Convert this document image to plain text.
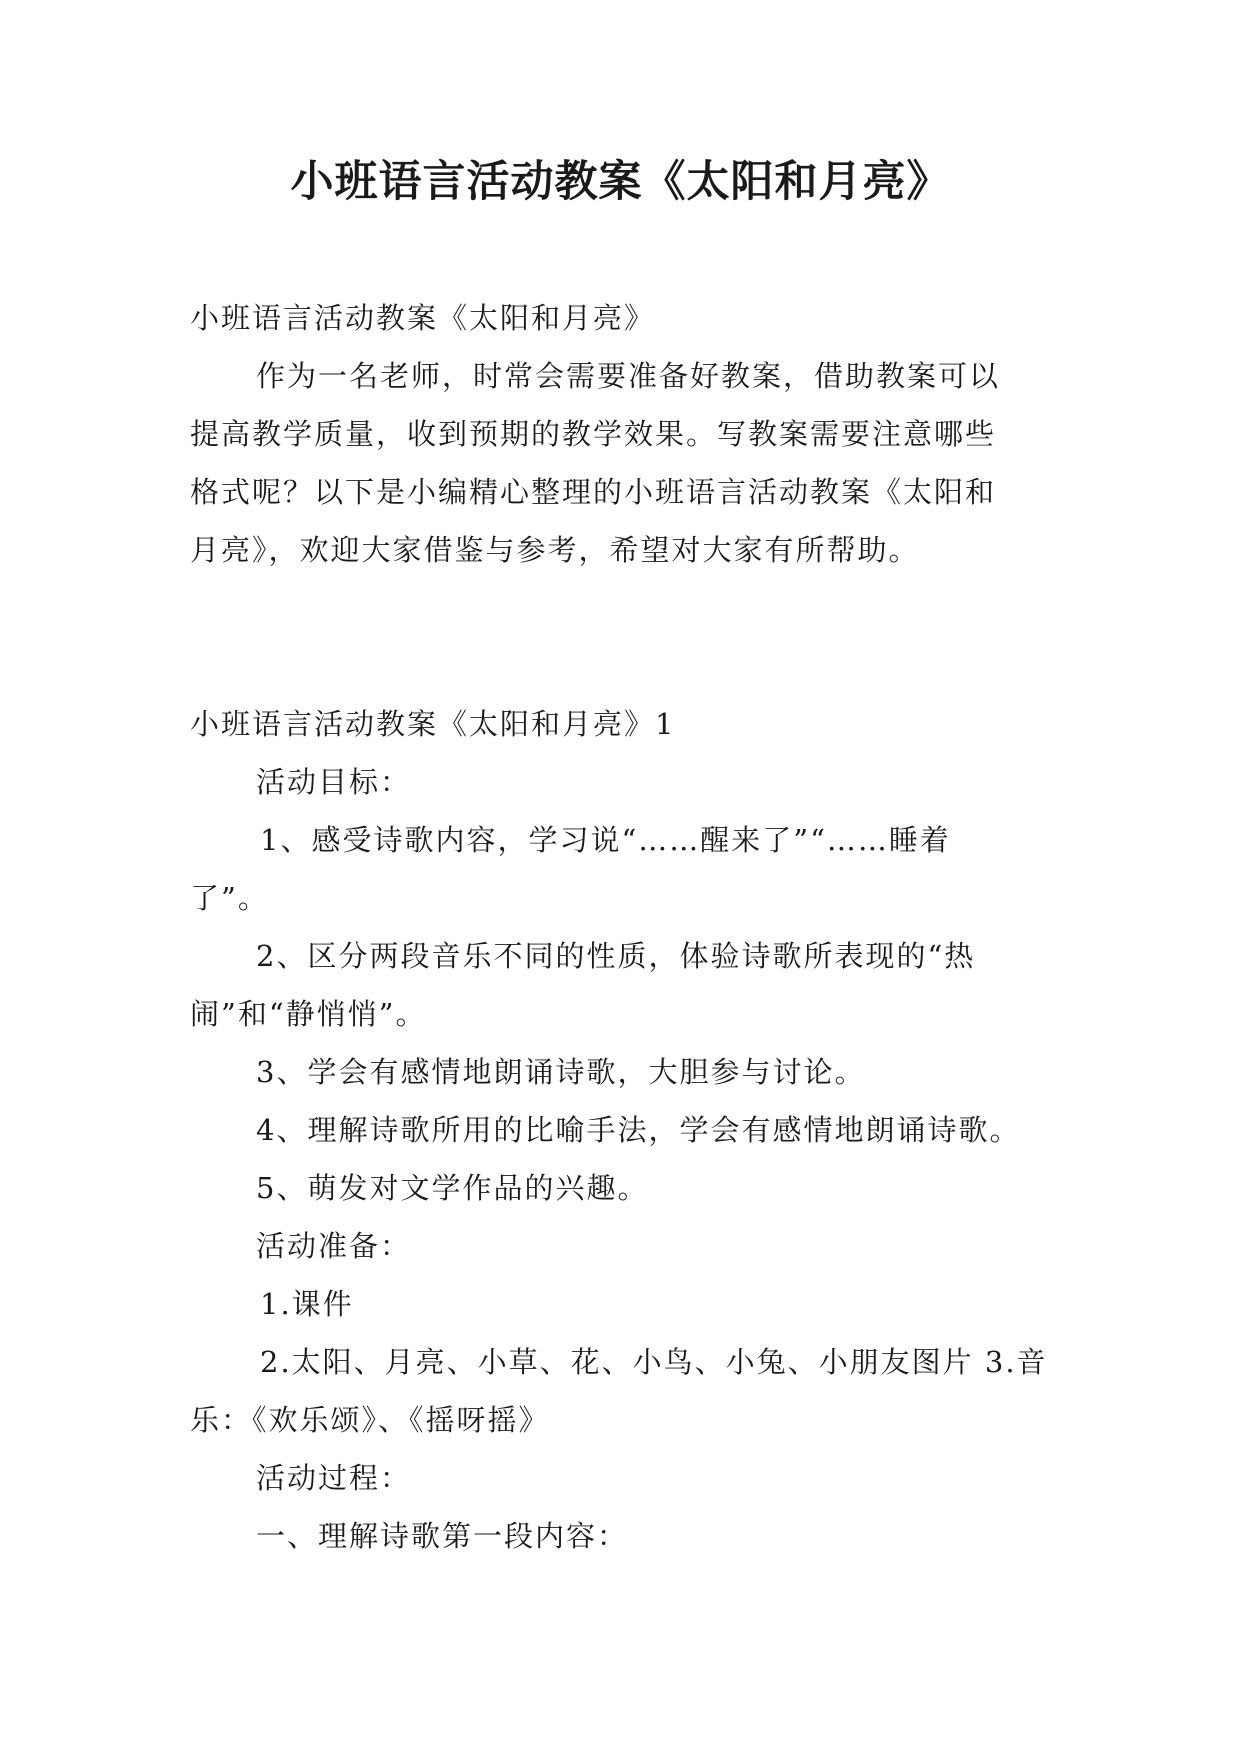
小班语言活动教案《太阳和月亮》
小班语言活动教案《太阳和月亮》
作为一名老师，时常会需要准备好教案，借助教案可以
提高教学质量，收到预期的教学效果。写教案需要注意哪些
格式呢？以下是小编精心整理的小班语言活动教案《太阳和
月亮》，欢迎大家借鉴与参考，希望对大家有所帮助。
小班语言活动教案《太阳和月亮》1
活动目标：
1、感受诗歌内容，学习说“……醒来了”“……睡着
了”。
2、区分两段音乐不同的性质，体验诗歌所表现的“热
闹”和“静悄悄”。
3、学会有感情地朗诵诗歌，大胆参与讨论。
4、理解诗歌所用的比喻手法，学会有感情地朗诵诗歌。
5、萌发对文学作品的兴趣。
活动准备：
1.课件
2.太阳、月亮、小草、花、小鸟、小兔、小朋友图片 3.音
乐：《欢乐颂》、《摇呀摇》
活动过程：
一、理解诗歌第一段内容：
